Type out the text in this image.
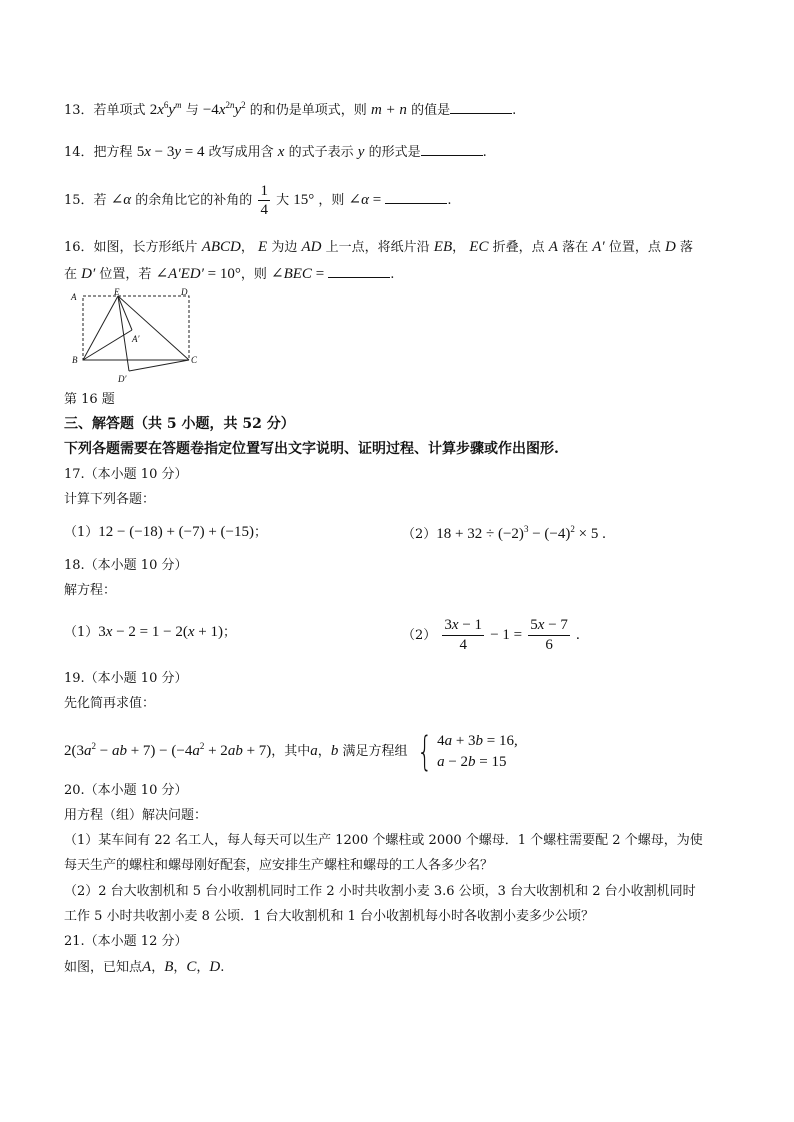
13．若单项式 $2x^6y^m$ 与 $-4x^{2n}y^2$ 的和仍是单项式，则 m + n 的值是	.
14．把方程 5x − 3y = 4 改写成用含 x 的式子表示 y 的形式是	.
15．若 ∠α 的余角比它的补角的 $\frac{1}{4}$ 大 15° ，则 ∠α =	.
16．如图，长方形纸片 ABCD， E 为边 AD 上一点，将纸片沿 EB， EC 折叠，点 A 落在 A′ 位置，点 D 落
在 D′ 位置，若 ∠A′ED′ = 10°，则 ∠BEC =	.
A	E	D
B	C
A′
D′
第 16 题
三、解答题（共 5 小题，共 52 分）
下列各题需要在答题卷指定位置写出文字说明、证明过程、计算步骤或作出图形.
17.（本小题 10 分）
计算下列各题：
（1）12 − (−18) + (−7) + (−15)；	$(2)18 + 32 \div (-2)^3 - (-4)^2 \times 5$ .
18.（本小题 10 分）
解方程：
（1）3x − 2 = 1 − 2(x + 1)；	$(2) \frac{3x - 1}{4} - 1 = \frac{5x - 7}{6}$ .
19.（本小题 10 分）
先化简再求值：
$2(3a^2$ − ab + $7) - (-4a^2 + 2ab + 7)$，其中a，b 满足方程组 { 4a + 3b = 16,
a − 2b = 15
20.（本小题 10 分）
用方程（组）解决问题：
（1）某车间有 22 名工人，每人每天可以生产 1200 个螺柱或 2000 个螺母．1 个螺柱需要配 2 个螺母，为使
每天生产的螺柱和螺母刚好配套，应安排生产螺柱和螺母的工人各多少名？
（2）2 台大收割机和 5 台小收割机同时工作 2 小时共收割小麦 3.6 公顷，3 台大收割机和 2 台小收割机同时
工作 5 小时共收割小麦 8 公顷．1 台大收割机和 1 台小收割机每小时各收割小麦多少公顷？
21.（本小题 12 分）
如图，已知点A，B，C，D.
